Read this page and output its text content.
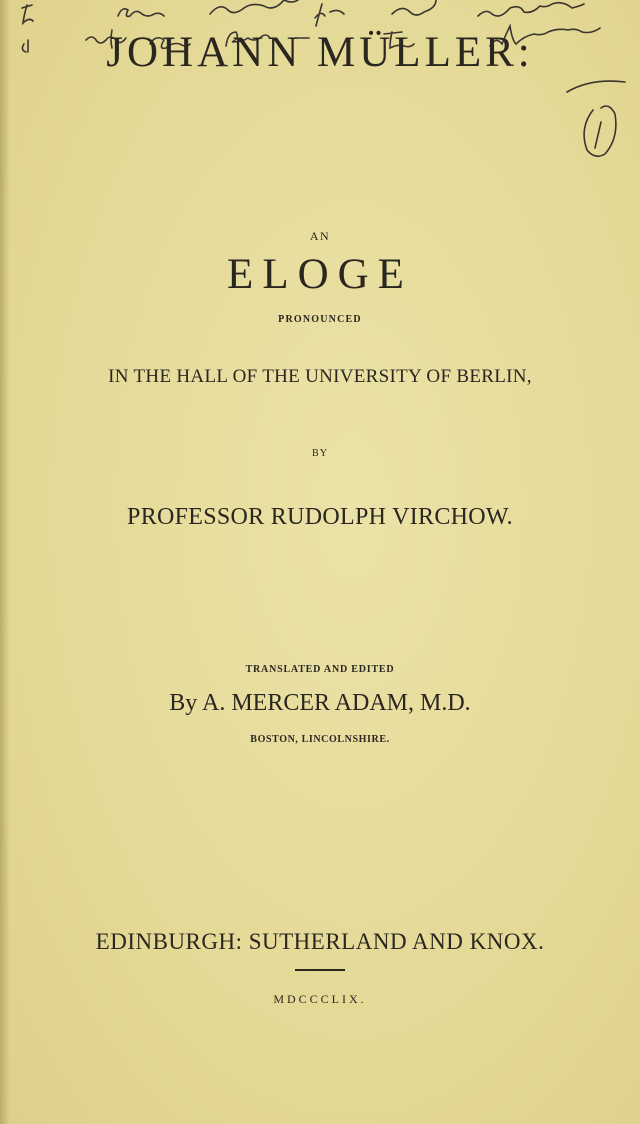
JOHANN MÜLLER:
AN
ELOGE
PRONOUNCED
IN THE HALL OF THE UNIVERSITY OF BERLIN,
BY
PROFESSOR RUDOLPH VIRCHOW.
TRANSLATED AND EDITED
By A. MERCER ADAM, M.D.
BOSTON, LINCOLNSHIRE.
EDINBURGH: SUTHERLAND AND KNOX.
MDCCCLIX.
